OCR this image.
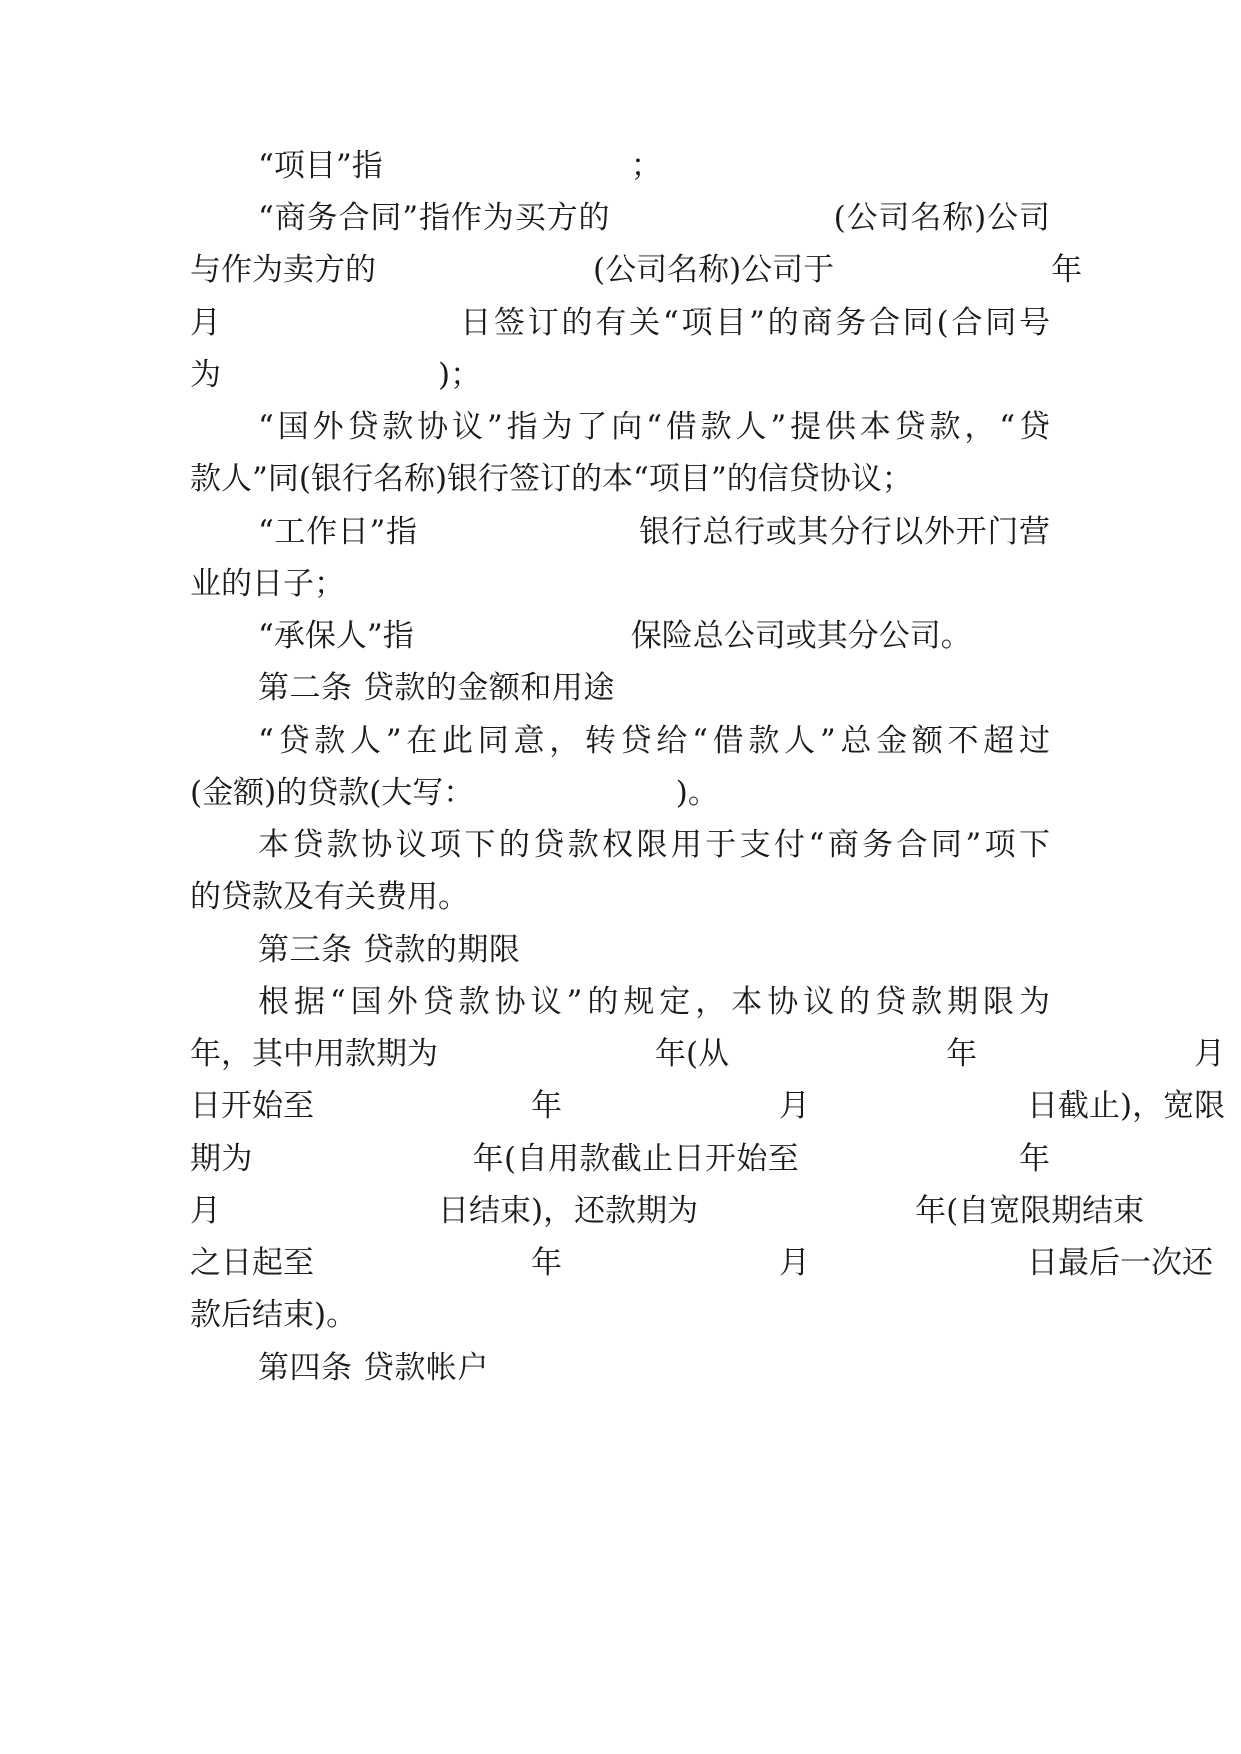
“项目”指　　　　　　　　；
“商务合同”指作为买方的　　　　　　　(公司名称)公司
与作为卖方的　　　　　　　(公司名称)公司于　　　　　　　年
月　　　　　　　日签订的有关“项目”的商务合同(合同号
为　　　　　　　)；
“国外贷款协议”指为了向“借款人”提供本贷款，“贷
款人”同(银行名称)银行签订的本“项目”的信贷协议；
“工作日”指　　　　　　　银行总行或其分行以外开门营
业的日子；
“承保人”指　　　　　　　保险总公司或其分公司。
第二条 贷款的金额和用途
“贷款人”在此同意，转贷给“借款人”总金额不超过
(金额)的贷款(大写：　　　　　　　)。
本贷款协议项下的贷款权限用于支付“商务合同”项下
的贷款及有关费用。
第三条 贷款的期限
根据“国外贷款协议”的规定，本协议的贷款期限为
年，其中用款期为　　　　　　　年(从　　　　　　　年　　　　　　　月
日开始至　　　　　　　年　　　　　　　月　　　　　　　日截止)，宽限
期为　　　　　　　年(自用款截止日开始至　　　　　　　年
月　　　　　　　日结束)，还款期为　　　　　　　年(自宽限期结束
之日起至　　　　　　　年　　　　　　　月　　　　　　　日最后一次还
款后结束)。
第四条 贷款帐户
